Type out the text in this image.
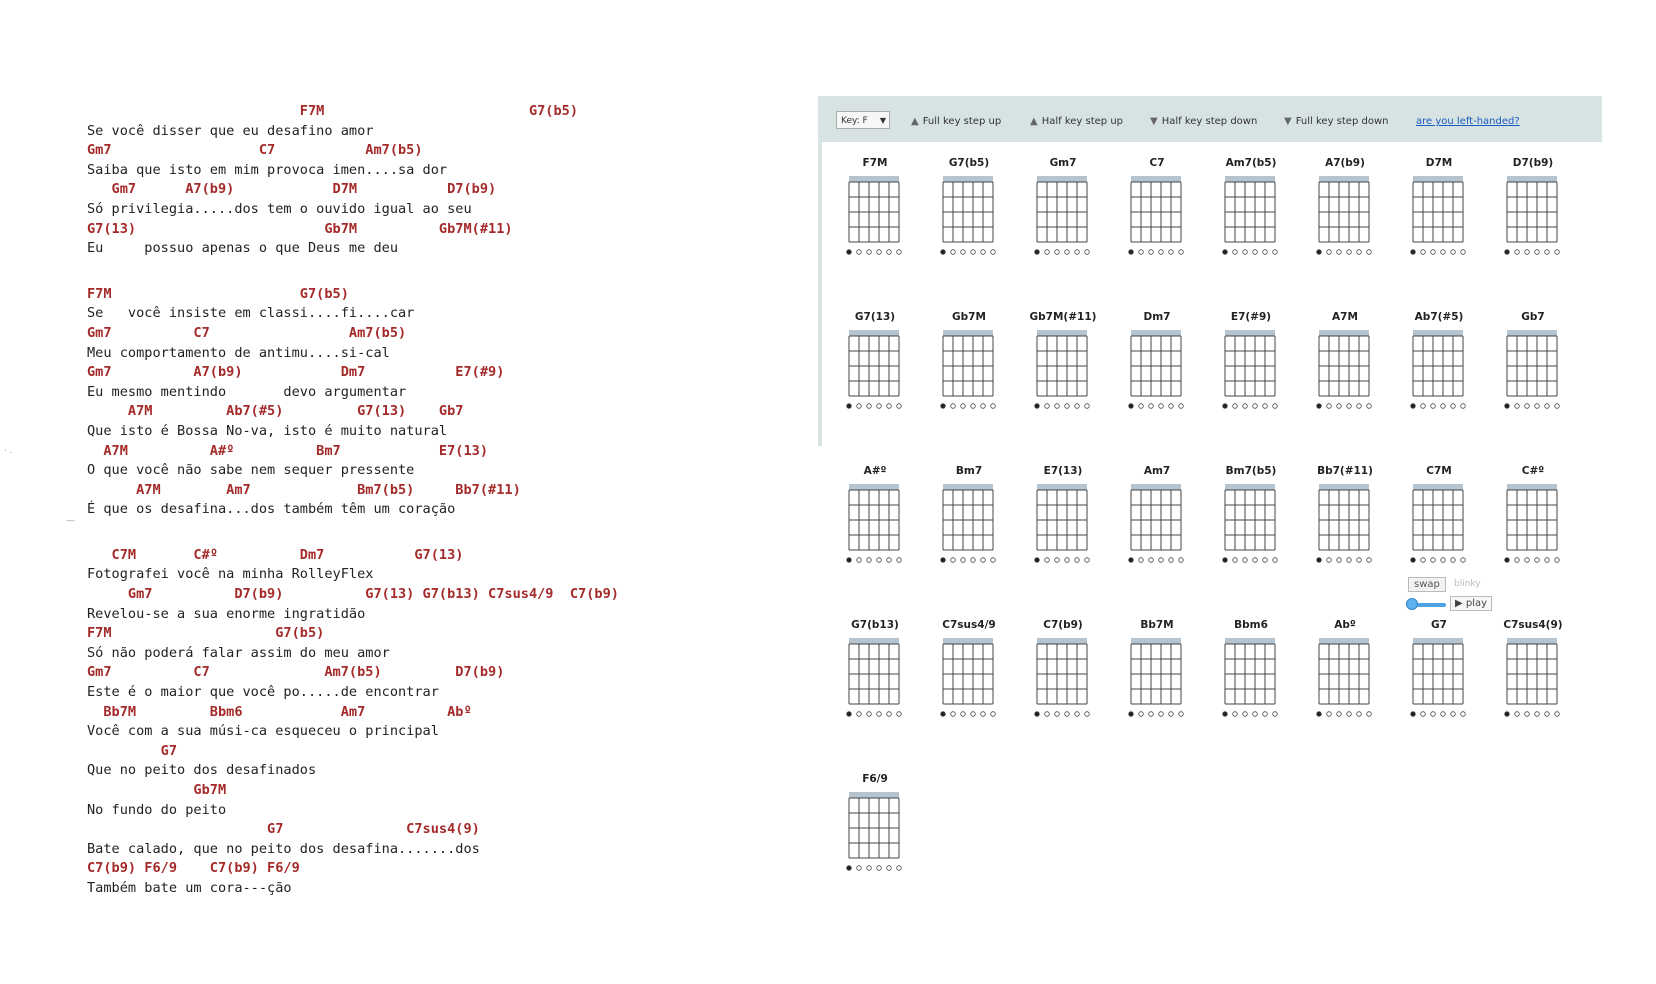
· .
—
F7M                         G7(b5)
Se você disser que eu desafino amor
Gm7                  C7           Am7(b5)
Saiba que isto em mim provoca imen....sa dor
Gm7      A7(b9)            D7M           D7(b9)
Só privilegia.....dos tem o ouvido igual ao seu
G7(13)                       Gb7M          Gb7M(#11)
Eu     possuo apenas o que Deus me deu
F7M                       G7(b5)
Se   você insiste em classi....fi....car
Gm7          C7                 Am7(b5)
Meu comportamento de antimu....si-cal
Gm7          A7(b9)            Dm7           E7(#9)
Eu mesmo mentindo       devo argumentar
A7M         Ab7(#5)         G7(13)    Gb7
Que isto é Bossa No-va, isto é muito natural
A7M          A#º          Bm7            E7(13)
O que você não sabe nem sequer pressente
A7M        Am7             Bm7(b5)     Bb7(#11)
É que os desafina...dos também têm um coração
C7M       C#º          Dm7           G7(13)
Fotografei você na minha RolleyFlex
Gm7          D7(b9)          G7(13) G7(b13) C7sus4/9  C7(b9)
Revelou-se a sua enorme ingratidão
F7M                    G7(b5)
Só não poderá falar assim do meu amor
Gm7          C7              Am7(b5)         D7(b9)
Este é o maior que você po.....de encontrar
Bb7M         Bbm6            Am7          Abº
Você com a sua músi-ca esqueceu o principal
G7
Que no peito dos desafinados
Gb7M
No fundo do peito
G7               C7sus4(9)
Bate calado, que no peito dos desafina.......dos
C7(b9) F6/9    C7(b9) F6/9
Também bate um cora---ção
Key: F ▼	▲ Full key step up	▲ Half key step up	▼ Half key step down	▼ Full key step down	are you left-handed?
F7M	G7(b5)	Gm7	C7	Am7(b5)	A7(b9)	D7M	D7(b9)
G7(13)	Gb7M	Gb7M(#11)	Dm7	E7(#9)	A7M	Ab7(#5)	Gb7
A#º	Bm7	E7(13)	Am7	Bm7(b5)	Bb7(#11)	C7M	C#º
G7(b13)	C7sus4/9	C7(b9)	Bb7M	Bbm6	Abº	G7	C7sus4(9)
F6/9
swap	blinky
▶ play
